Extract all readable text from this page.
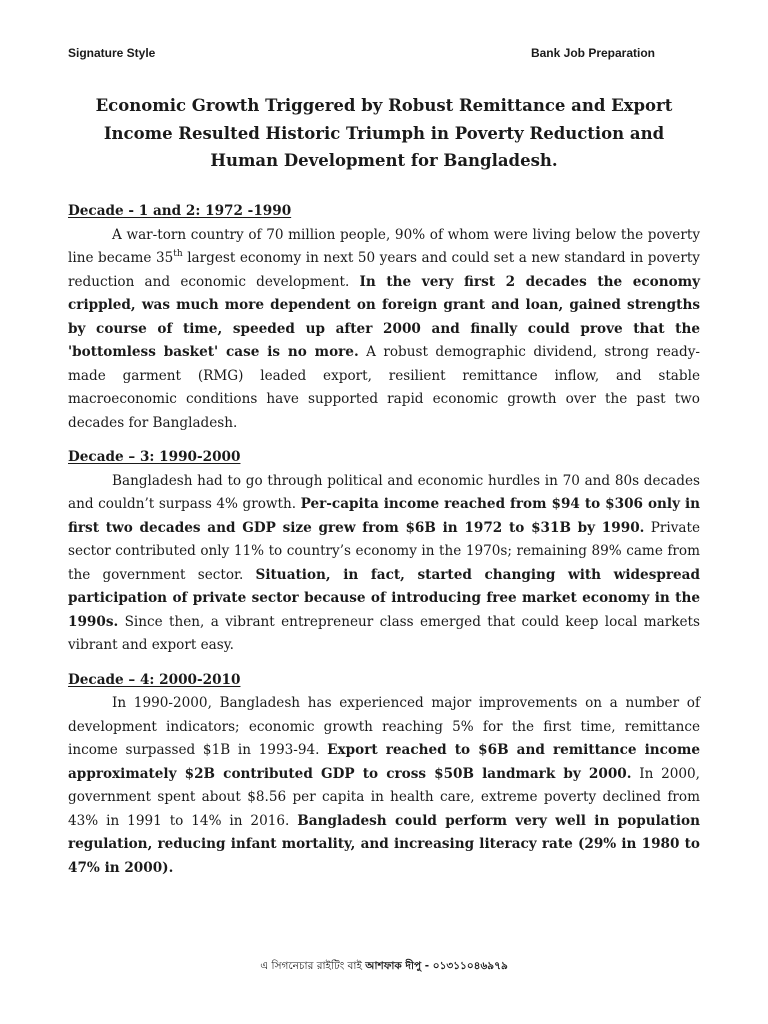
Signature Style	Bank Job Preparation
Economic Growth Triggered by Robust Remittance and Export
Income Resulted Historic Triumph in Poverty Reduction and
Human Development for Bangladesh.
Decade - 1 and 2: 1972 -1990

A war-torn country of 70 million people, 90% of whom were living below the poverty line became 35th largest economy in next 50 years and could set a new standard in poverty reduction and economic development. In the very first 2 decades the economy crippled, was much more dependent on foreign grant and loan, gained strengths by course of time, speeded up after 2000 and finally could prove that the 'bottomless basket' case is no more. A robust demographic dividend, strong ready-made garment (RMG) leaded export, resilient remittance inflow, and stable macroeconomic conditions have supported rapid economic growth over the past two decades for Bangladesh.

Decade – 3: 1990-2000

Bangladesh had to go through political and economic hurdles in 70 and 80s decades and couldn’t surpass 4% growth. Per-capita income reached from $94 to $306 only in first two decades and GDP size grew from $6B in 1972 to $31B by 1990. Private sector contributed only 11% to country’s economy in the 1970s; remaining 89% came from the government sector. Situation, in fact, started changing with widespread participation of private sector because of introducing free market economy in the 1990s. Since then, a vibrant entrepreneur class emerged that could keep local markets vibrant and export easy.

Decade – 4: 2000-2010

In 1990-2000, Bangladesh has experienced major improvements on a number of development indicators; economic growth reaching 5% for the first time, remittance income surpassed $1B in 1993-94. Export reached to $6B and remittance income approximately $2B contributed GDP to cross $50B landmark by 2000. In 2000, government spent about $8.56 per capita in health care, extreme poverty declined from 43% in 1991 to 14% in 2016. Bangladesh could perform very well in population regulation, reducing infant mortality, and increasing literacy rate (29% in 1980 to 47% in 2000).

এ সিগনেচার রাইটিং বাই আশফাক দীপু - ০১৩১১০৪৬৯৭৯
